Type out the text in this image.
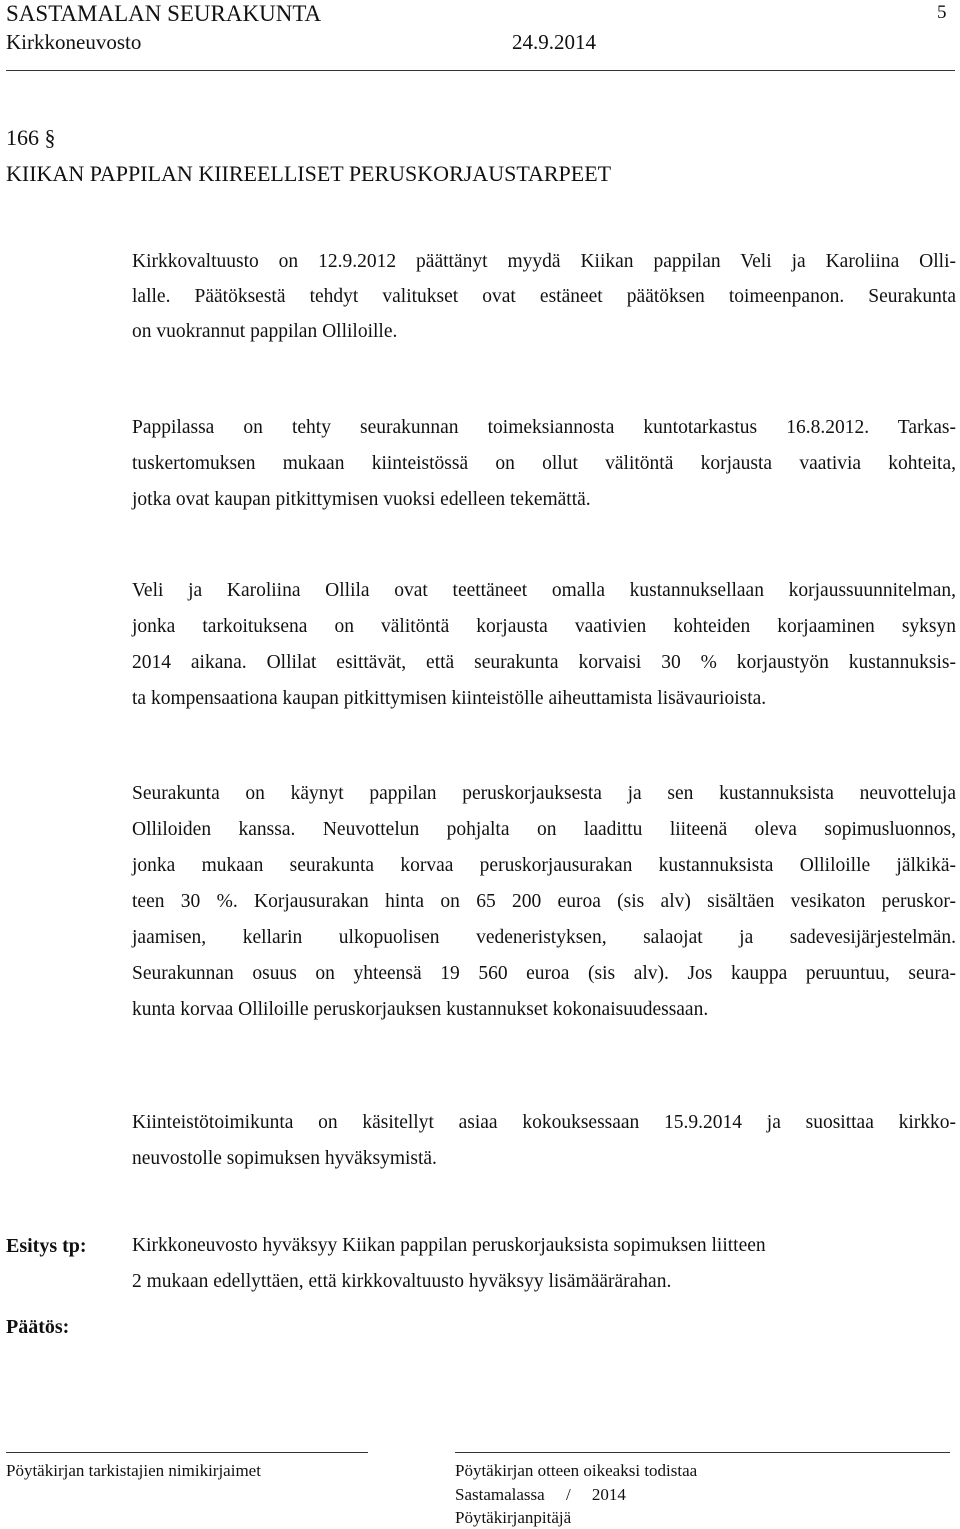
SASTAMALAN SEURAKUNTA	5
Kirkkoneuvosto	24.9.2014
166 §
KIIKAN PAPPILAN KIIREELLISET PERUSKORJAUSTARPEET
Kirkkovaltuusto on 12.9.2012 päättänyt myydä Kiikan pappilan Veli ja Karoliina Olli-
lalle. Päätöksestä tehdyt valitukset ovat estäneet päätöksen toimeenpanon. Seurakunta
on vuokrannut pappilan Olliloille.
Pappilassa on tehty seurakunnan toimeksiannosta kuntotarkastus 16.8.2012. Tarkas-
tuskertomuksen mukaan kiinteistössä on ollut välitöntä korjausta vaativia kohteita,
jotka ovat kaupan pitkittymisen vuoksi edelleen tekemättä.
Veli ja Karoliina Ollila ovat teettäneet omalla kustannuksellaan korjaussuunnitelman,
jonka tarkoituksena on välitöntä korjausta vaativien kohteiden korjaaminen syksyn
2014 aikana. Ollilat esittävät, että seurakunta korvaisi 30 % korjaustyön kustannuksis-
ta kompensaationa kaupan pitkittymisen kiinteistölle aiheuttamista lisävaurioista.
Seurakunta on käynyt pappilan peruskorjauksesta ja sen kustannuksista neuvotteluja
Olliloiden kanssa. Neuvottelun pohjalta on laadittu liiteenä oleva sopimusluonnos,
jonka mukaan seurakunta korvaa peruskorjausurakan kustannuksista Olliloille jälkikä-
teen 30 %. Korjausurakan hinta on 65 200 euroa (sis alv) sisältäen vesikaton peruskor-
jaamisen, kellarin ulkopuolisen vedeneristyksen, salaojat ja sadevesijärjestelmän.
Seurakunnan osuus on yhteensä 19 560 euroa (sis alv). Jos kauppa peruuntuu, seura-
kunta korvaa Olliloille peruskorjauksen kustannukset kokonaisuudessaan.
Kiinteistötoimikunta on käsitellyt asiaa kokouksessaan 15.9.2014 ja suosittaa kirkko-
neuvostolle sopimuksen hyväksymistä.
Esitys tp: Kirkkoneuvosto hyväksyy Kiikan pappilan peruskorjauksista sopimuksen liitteen
2 mukaan edellyttäen, että kirkkovaltuusto hyväksyy lisämäärärahan.
Päätös:
Pöytäkirjan tarkistajien nimikirjaimet	Pöytäkirjan otteen oikeaksi todistaa
Sastamalassa     /     2014
Pöytäkirjanpitäjä
